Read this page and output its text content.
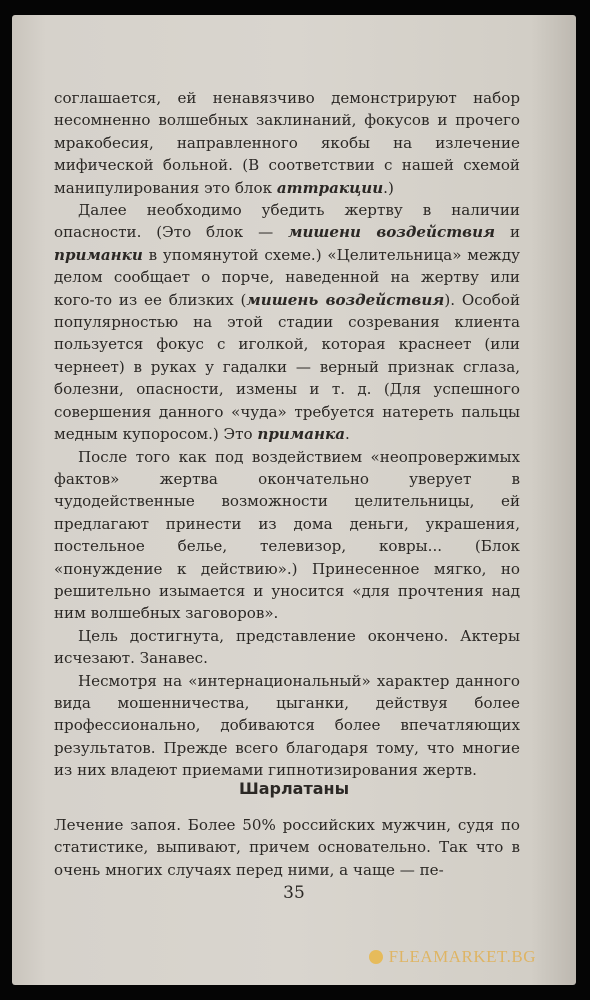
соглашается, ей ненавязчиво демонстрируют набор несомненно волшебных заклинаний, фокусов и прочего мракобесия, направленного якобы на излечение мифической больной. (В соответствии с нашей схемой манипулирования это блок аттракции.)

Далее необходимо убедить жертву в наличии опасности. (Это блок — мишени воздействия и приманки в упомянутой схеме.) «Целительница» между делом сообщает о порче, наведенной на жертву или кого-то из ее близких (мишень воздействия). Особой популярностью на этой стадии созревания клиента пользуется фокус с иголкой, которая краснеет (или чернеет) в руках у гадалки — верный признак сглаза, болезни, опасности, измены и т. д. (Для успешного совершения данного «чуда» требуется натереть пальцы медным купоросом.) Это приманка.

После того как под воздействием «неопровержимых фактов» жертва окончательно уверует в чудодейственные возможности целительницы, ей предлагают принести из дома деньги, украшения, постельное белье, телевизор, ковры... (Блок «понуждение к действию».) Принесенное мягко, но решительно изымается и уносится «для прочтения над ним волшебных заговоров».

Цель достигнута, представление окончено. Актеры исчезают. Занавес.

Несмотря на «интернациональный» характер данного вида мошенничества, цыганки, действуя более профессионально, добиваются более впечатляющих результатов. Прежде всего благодаря тому, что многие из них владеют приемами гипнотизирования жертв.

Шарлатаны
Лечение запоя. Более 50% российских мужчин, судя по статистике, выпивают, причем основательно. Так что в очень многих случаях перед ними, а чаще — пе-
35
FLEAMARKET.BG
